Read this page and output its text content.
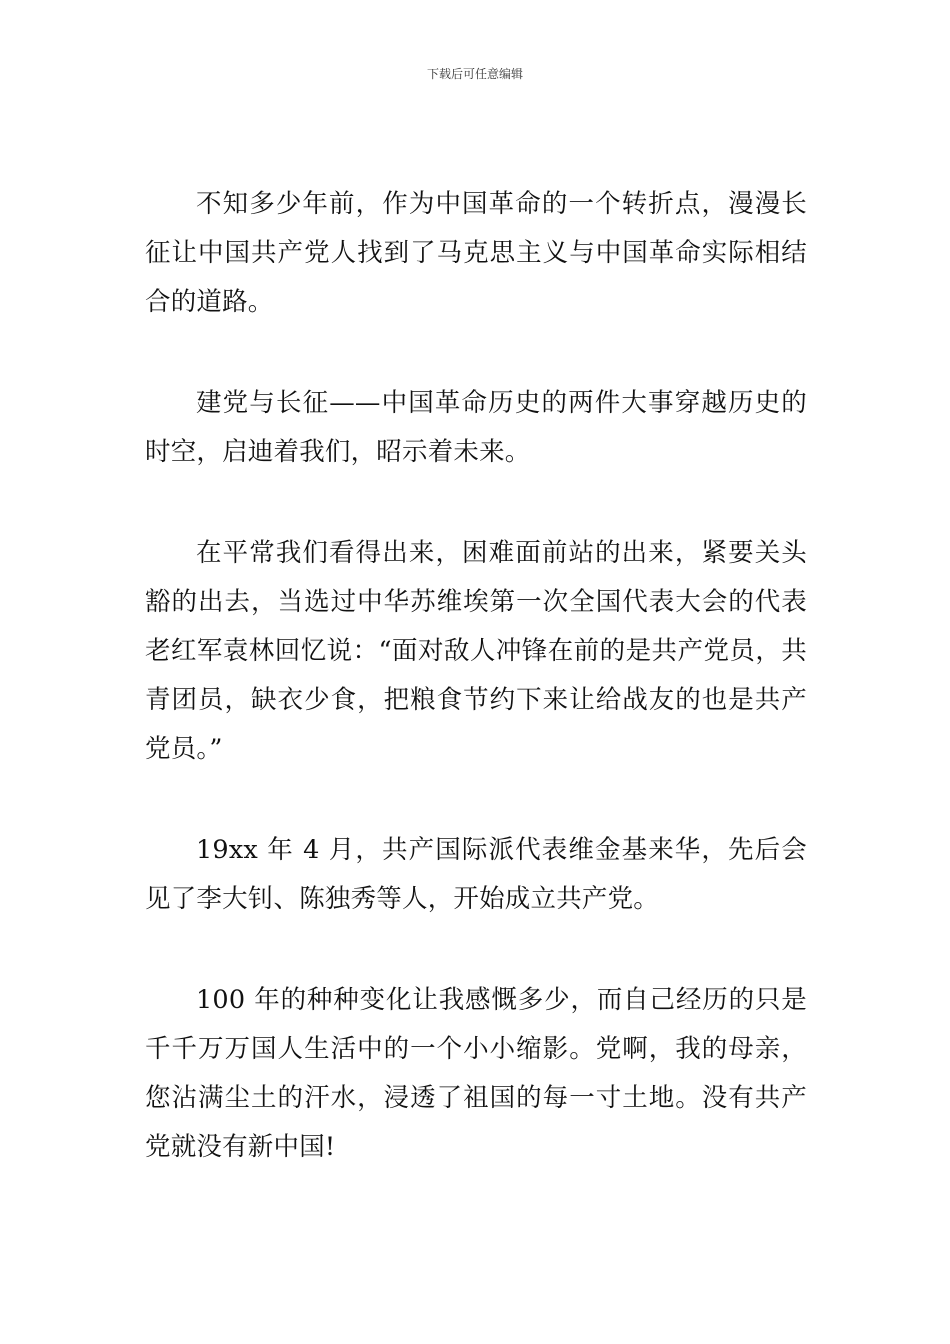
下载后可任意编辑

不知多少年前，作为中国革命的一个转折点，漫漫长征让中国共产党人找到了马克思主义与中国革命实际相结合的道路。

建党与长征——中国革命历史的两件大事穿越历史的时空，启迪着我们，昭示着未来。

在平常我们看得出来，困难面前站的出来，紧要关头豁的出去，当选过中华苏维埃第一次全国代表大会的代表老红军袁林回忆说：“面对敌人冲锋在前的是共产党员，共青团员，缺衣少食，把粮食节约下来让给战友的也是共产党员。”

19xx 年 4 月，共产国际派代表维金基来华，先后会见了李大钊、陈独秀等人，开始成立共产党。

100 年的种种变化让我感慨多少，而自己经历的只是千千万万国人生活中的一个小小缩影。党啊，我的母亲，您沾满尘土的汗水，浸透了祖国的每一寸土地。没有共产党就没有新中国!
